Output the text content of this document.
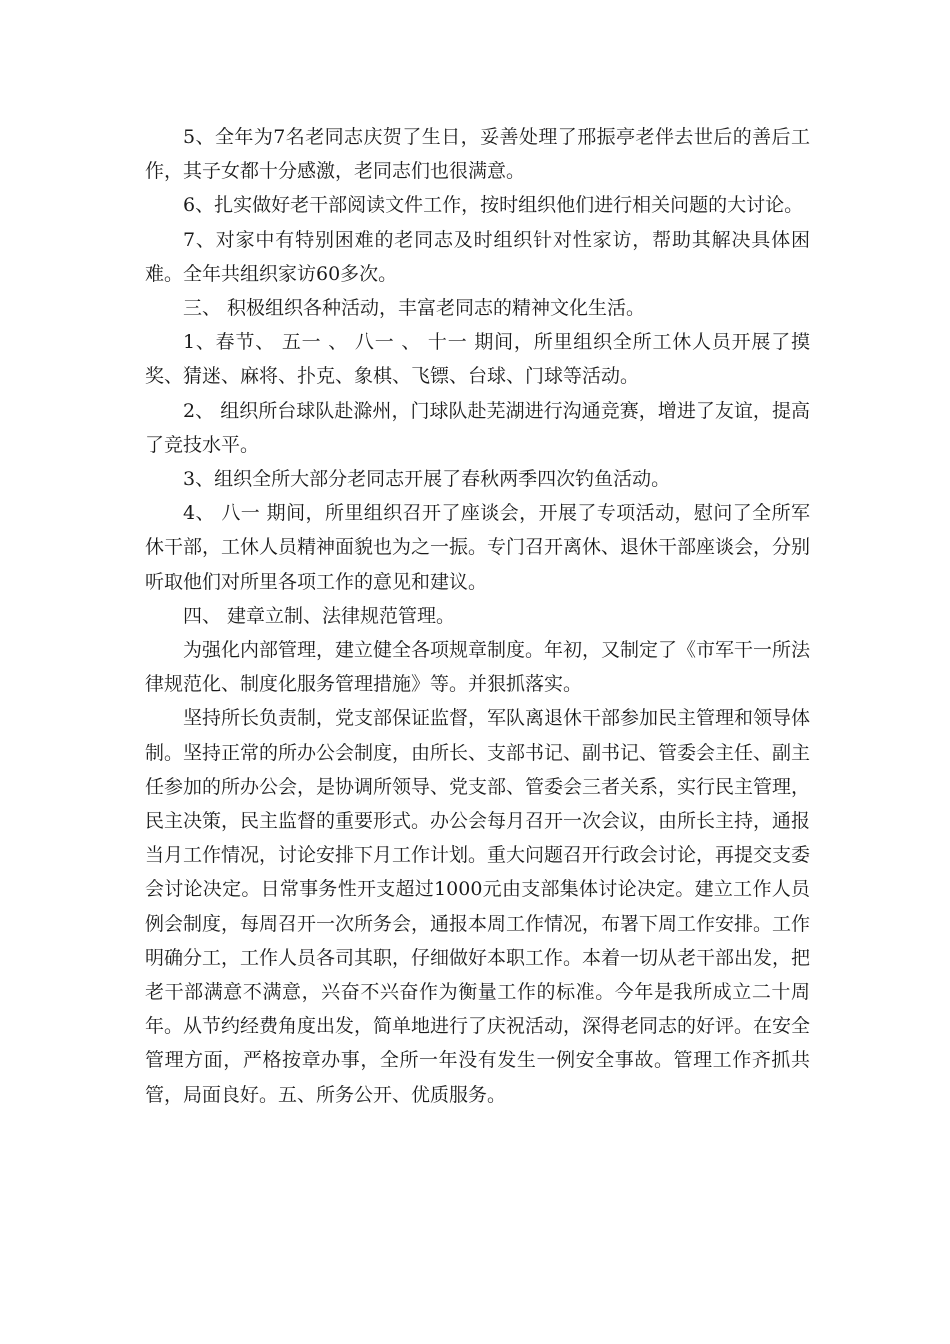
5、全年为7名老同志庆贺了生日，妥善处理了邢振亭老伴去世后的善后工作，其子女都十分感激，老同志们也很满意。

6、扎实做好老干部阅读文件工作，按时组织他们进行相关问题的大讨论。

7、对家中有特别困难的老同志及时组织针对性家访，帮助其解决具体困难。全年共组织家访60多次。

三、 积极组织各种活动，丰富老同志的精神文化生活。

1、春节、 五一 、 八一 、 十一 期间，所里组织全所工休人员开展了摸奖、猜迷、麻将、扑克、象棋、飞镖、台球、门球等活动。

2、 组织所台球队赴滁州，门球队赴芜湖进行沟通竞赛，增进了友谊，提高了竞技水平。

3、组织全所大部分老同志开展了春秋两季四次钓鱼活动。

4、 八一 期间，所里组织召开了座谈会，开展了专项活动，慰问了全所军休干部，工休人员精神面貌也为之一振。专门召开离休、退休干部座谈会，分别听取他们对所里各项工作的意见和建议。

四、 建章立制、法律规范管理。

为强化内部管理，建立健全各项规章制度。年初，又制定了《市军干一所法律规范化、制度化服务管理措施》等。并狠抓落实。

坚持所长负责制，党支部保证监督，军队离退休干部参加民主管理和领导体制。坚持正常的所办公会制度，由所长、支部书记、副书记、管委会主任、副主任参加的所办公会，是协调所领导、党支部、管委会三者关系，实行民主管理，民主决策，民主监督的重要形式。办公会每月召开一次会议，由所长主持，通报当月工作情况，讨论安排下月工作计划。重大问题召开行政会讨论，再提交支委会讨论决定。日常事务性开支超过1000元由支部集体讨论决定。建立工作人员例会制度，每周召开一次所务会，通报本周工作情况，布署下周工作安排。工作明确分工，工作人员各司其职，仔细做好本职工作。本着一切从老干部出发，把老干部满意不满意，兴奋不兴奋作为衡量工作的标准。今年是我所成立二十周年。从节约经费角度出发，简单地进行了庆祝活动，深得老同志的好评。在安全管理方面，严格按章办事，全所一年没有发生一例安全事故。管理工作齐抓共管，局面良好。五、所务公开、优质服务。
